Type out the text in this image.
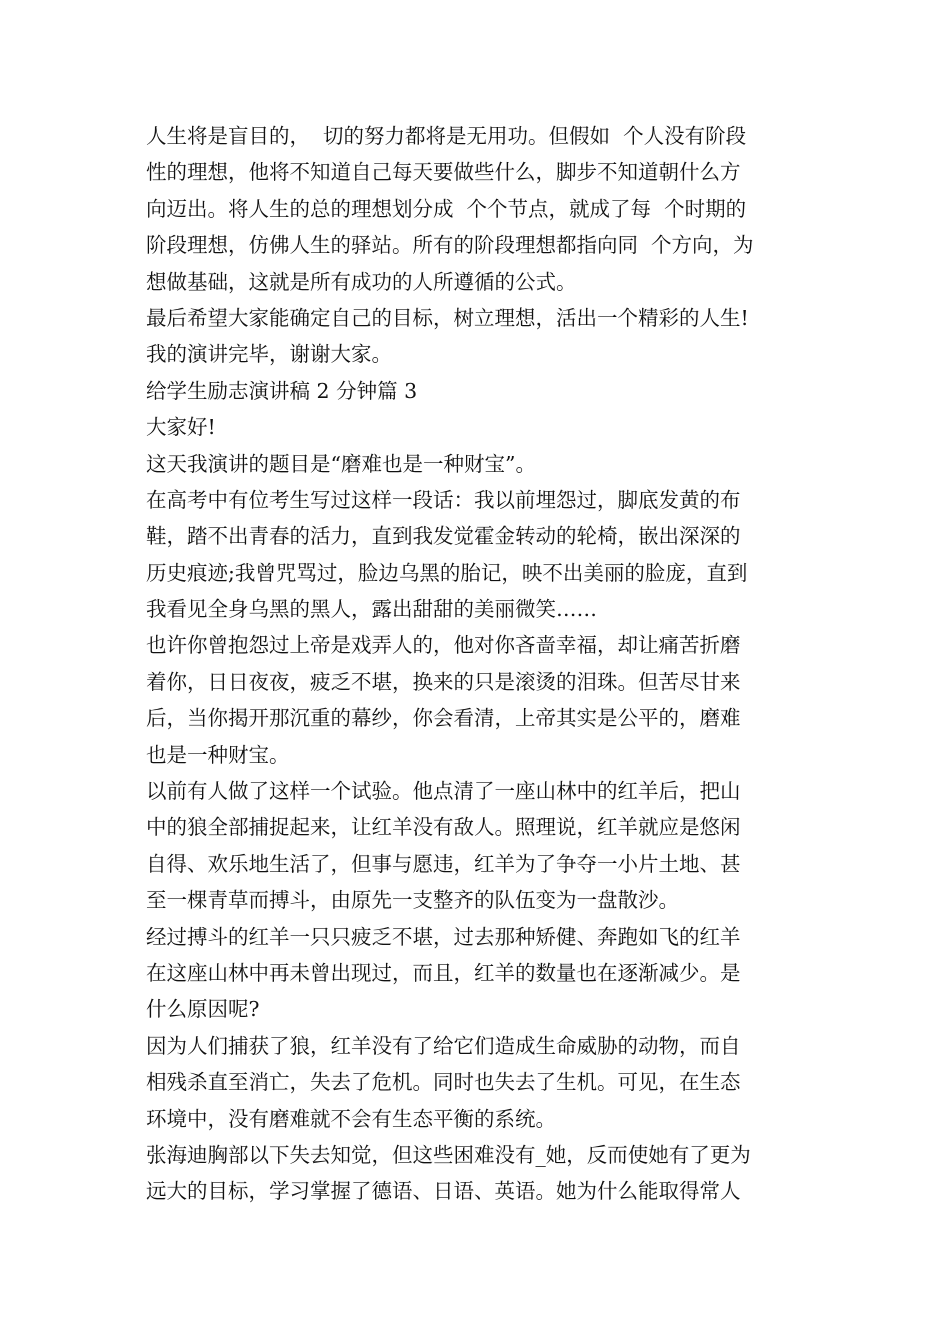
人生将是盲目的，  切的努力都将是无用功。但假如  个人没有阶段
性的理想，他将不知道自己每天要做些什么，脚步不知道朝什么方
向迈出。将人生的总的理想划分成  个个节点，就成了每  个时期的
阶段理想，仿佛人生的驿站。所有的阶段理想都指向同  个方向，为
想做基础，这就是所有成功的人所遵循的公式。
最后希望大家能确定自己的目标，树立理想，活出一个精彩的人生!
我的演讲完毕，谢谢大家。
给学生励志演讲稿 2 分钟篇 3
大家好!
这天我演讲的题目是“磨难也是一种财宝”。
在高考中有位考生写过这样一段话：我以前埋怨过，脚底发黄的布
鞋，踏不出青春的活力，直到我发觉霍金转动的轮椅，嵌出深深的
历史痕迹;我曾咒骂过，脸边乌黑的胎记，映不出美丽的脸庞，直到
我看见全身乌黑的黑人，露出甜甜的美丽微笑……
也许你曾抱怨过上帝是戏弄人的，他对你吝啬幸福，却让痛苦折磨
着你，日日夜夜，疲乏不堪，换来的只是滚烫的泪珠。但苦尽甘来
后，当你揭开那沉重的幕纱，你会看清，上帝其实是公平的，磨难
也是一种财宝。
以前有人做了这样一个试验。他点清了一座山林中的红羊后，把山
中的狼全部捕捉起来，让红羊没有敌人。照理说，红羊就应是悠闲
自得、欢乐地生活了，但事与愿违，红羊为了争夺一小片土地、甚
至一棵青草而搏斗，由原先一支整齐的队伍变为一盘散沙。
经过搏斗的红羊一只只疲乏不堪，过去那种矫健、奔跑如飞的红羊
在这座山林中再未曾出现过，而且，红羊的数量也在逐渐减少。是
什么原因呢?
因为人们捕获了狼，红羊没有了给它们造成生命威胁的动物，而自
相残杀直至消亡，失去了危机。同时也失去了生机。可见，在生态
环境中，没有磨难就不会有生态平衡的系统。
张海迪胸部以下失去知觉，但这些困难没有_她，反而使她有了更为
远大的目标，学习掌握了德语、日语、英语。她为什么能取得常人
